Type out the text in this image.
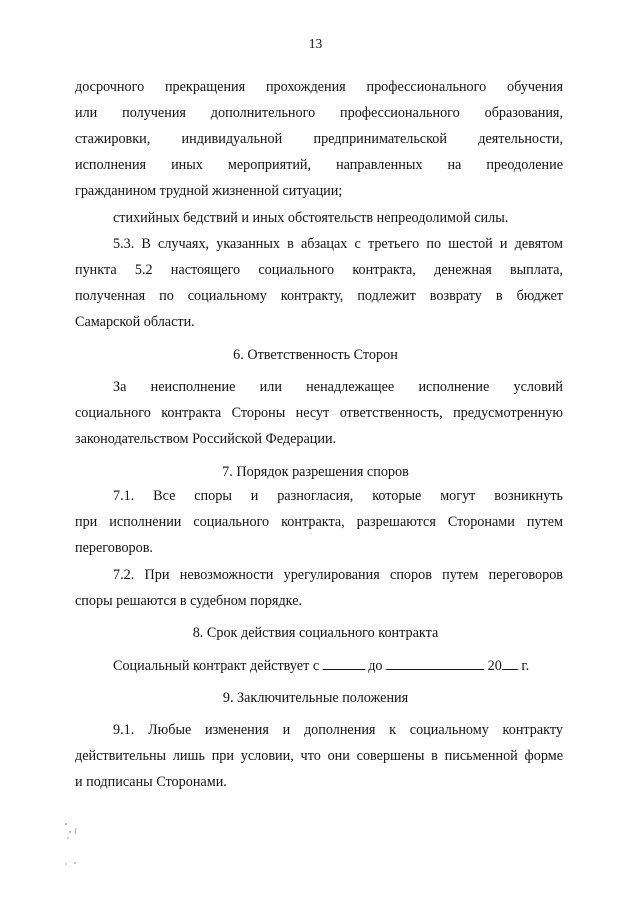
13
досрочного прекращения прохождения профессионального обучения
или получения дополнительного профессионального образования,
стажировки, индивидуальной предпринимательской деятельности,
исполнения иных мероприятий, направленных на преодоление
гражданином трудной жизненной ситуации;
стихийных бедствий и иных обстоятельств непреодолимой силы.
5.3. В случаях, указанных в абзацах с третьего по шестой и девятом
пункта 5.2 настоящего социального контракта, денежная выплата,
полученная по социальному контракту, подлежит возврату в бюджет
Самарской области.
6. Ответственность Сторон
За неисполнение или ненадлежащее исполнение условий
социального контракта Стороны несут ответственность, предусмотренную
законодательством Российской Федерации.
7. Порядок разрешения споров
7.1. Все споры и разногласия, которые могут возникнуть
при исполнении социального контракта, разрешаются Сторонами путем
переговоров.
7.2. При невозможности урегулирования споров путем переговоров
споры решаются в судебном порядке.
8. Срок действия социального контракта
Социальный контракт действует с	до	20 г.
9. Заключительные положения
9.1. Любые изменения и дополнения к социальному контракту
действительны лишь при условии, что они совершены в письменной форме
и подписаны Сторонами.
